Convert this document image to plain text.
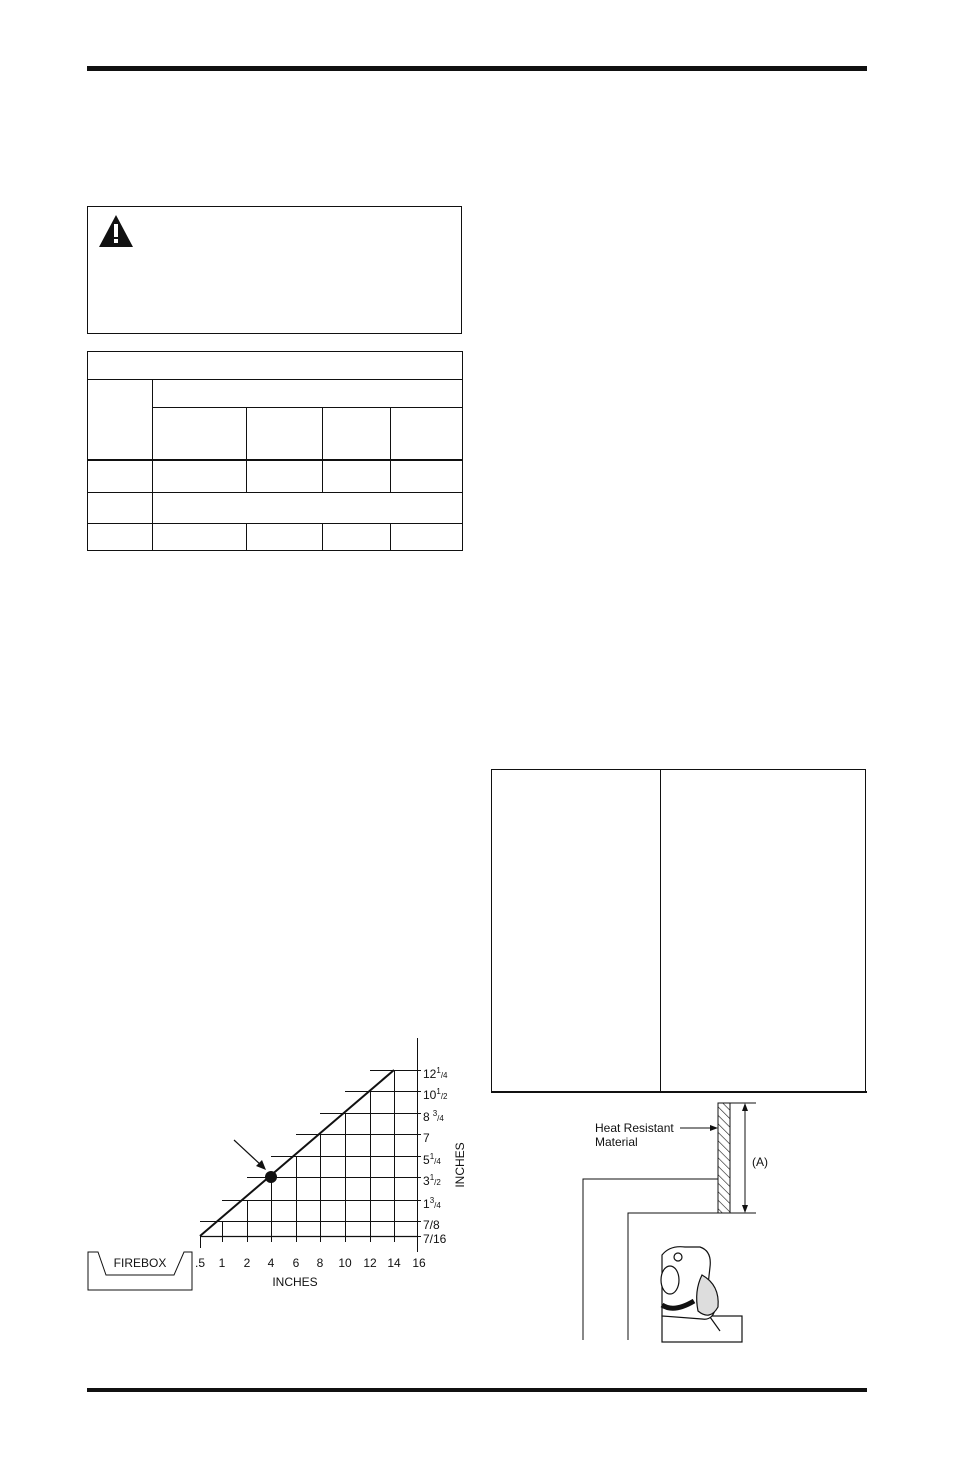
FIREBOX .5 1 2 4 6 8 10 12 14 16
INCHES
$12^1_/4$
$10^1_/2$
8 $^3_/$4
7
$5^1_/4$
$3^1_/2$
$1^3_/4$
7/8
7/16
INCHES	(A)
Heat Resistant
Material
